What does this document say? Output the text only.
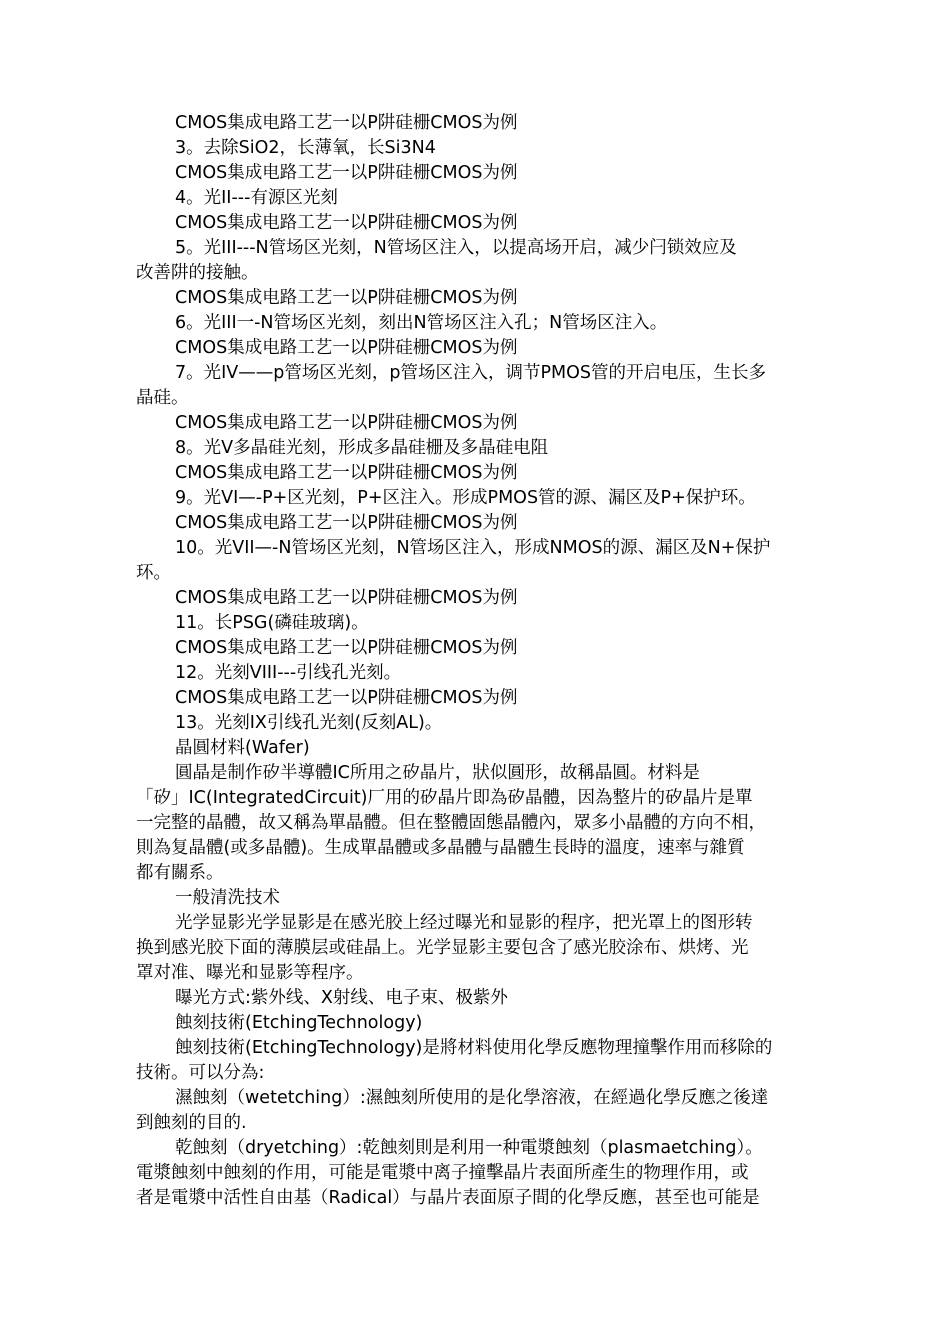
CMOS集成电路工艺一以P阱硅栅CMOS为例
3。去除SiO2，长薄氧，长Si3N4
CMOS集成电路工艺一以P阱硅栅CMOS为例
4。光II---有源区光刻
CMOS集成电路工艺一以P阱硅栅CMOS为例
5。光III---N管场区光刻，N管场区注入，以提高场开启，减少闩锁效应及
改善阱的接触。
CMOS集成电路工艺一以P阱硅栅CMOS为例
6。光III一-N管场区光刻，刻出N管场区注入孔；N管场区注入。
CMOS集成电路工艺一以P阱硅栅CMOS为例
7。光IV——p管场区光刻，p管场区注入，调节PMOS管的开启电压，生长多
晶硅。
CMOS集成电路工艺一以P阱硅栅CMOS为例
8。光V多晶硅光刻，形成多晶硅栅及多晶硅电阻
CMOS集成电路工艺一以P阱硅栅CMOS为例
9。光VI—-P+区光刻，P+区注入。形成PMOS管的源、漏区及P+保护环。
CMOS集成电路工艺一以P阱硅栅CMOS为例
10。光VII—-N管场区光刻，N管场区注入，形成NMOS的源、漏区及N+保护
环。
CMOS集成电路工艺一以P阱硅栅CMOS为例
11。长PSG(磷硅玻璃)。
CMOS集成电路工艺一以P阱硅栅CMOS为例
12。光刻VIII---引线孔光刻。
CMOS集成电路工艺一以P阱硅栅CMOS为例
13。光刻IX引线孔光刻(反刻AL)。
晶圓材料(Wafer)
圓晶是制作矽半導體IC所用之矽晶片，狀似圓形，故稱晶圓。材料是
「矽」IC(IntegratedCircuit)厂用的矽晶片即為矽晶體，因為整片的矽晶片是單
一完整的晶體，故又稱為單晶體。但在整體固態晶體內，眾多小晶體的方向不相，
則為复晶體(或多晶體)。生成單晶體或多晶體与晶體生長時的溫度，速率与雜質
都有關系。
一般清洗技术
光学显影光学显影是在感光胶上经过曝光和显影的程序，把光罩上的图形转
换到感光胶下面的薄膜层或硅晶上。光学显影主要包含了感光胶涂布、烘烤、光
罩对准、曝光和显影等程序。
曝光方式:紫外线、X射线、电子束、极紫外
蝕刻技術(EtchingTechnology)
蝕刻技術(EtchingTechnology)是將材料使用化學反應物理撞擊作用而移除的
技術。可以分為:
濕蝕刻（wetetching）:濕蝕刻所使用的是化學溶液，在經過化學反應之後達
到蝕刻的目的.
乾蝕刻（dryetching）:乾蝕刻則是利用一种電漿蝕刻（plasmaetching）。
電漿蝕刻中蝕刻的作用，可能是電漿中离子撞擊晶片表面所產生的物理作用，或
者是電漿中活性自由基（Radical）与晶片表面原子間的化學反應，甚至也可能是
